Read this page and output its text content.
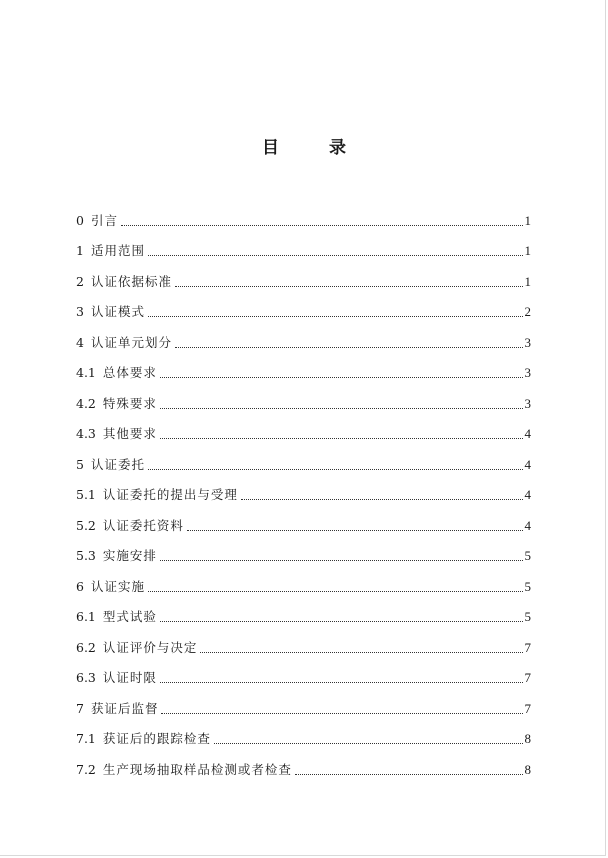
目 录
0 引言	1
1 适用范围	1
2 认证依据标准	1
3 认证模式	2
4 认证单元划分	3
4.1 总体要求	3
4.2 特殊要求	3
4.3 其他要求	4
5 认证委托	4
5.1 认证委托的提出与受理	4
5.2 认证委托资料	4
5.3 实施安排	5
6 认证实施	5
6.1 型式试验	5
6.2 认证评价与决定	7
6.3 认证时限	7
7 获证后监督	7
7.1 获证后的跟踪检查	8
7.2 生产现场抽取样品检测或者检查	8
